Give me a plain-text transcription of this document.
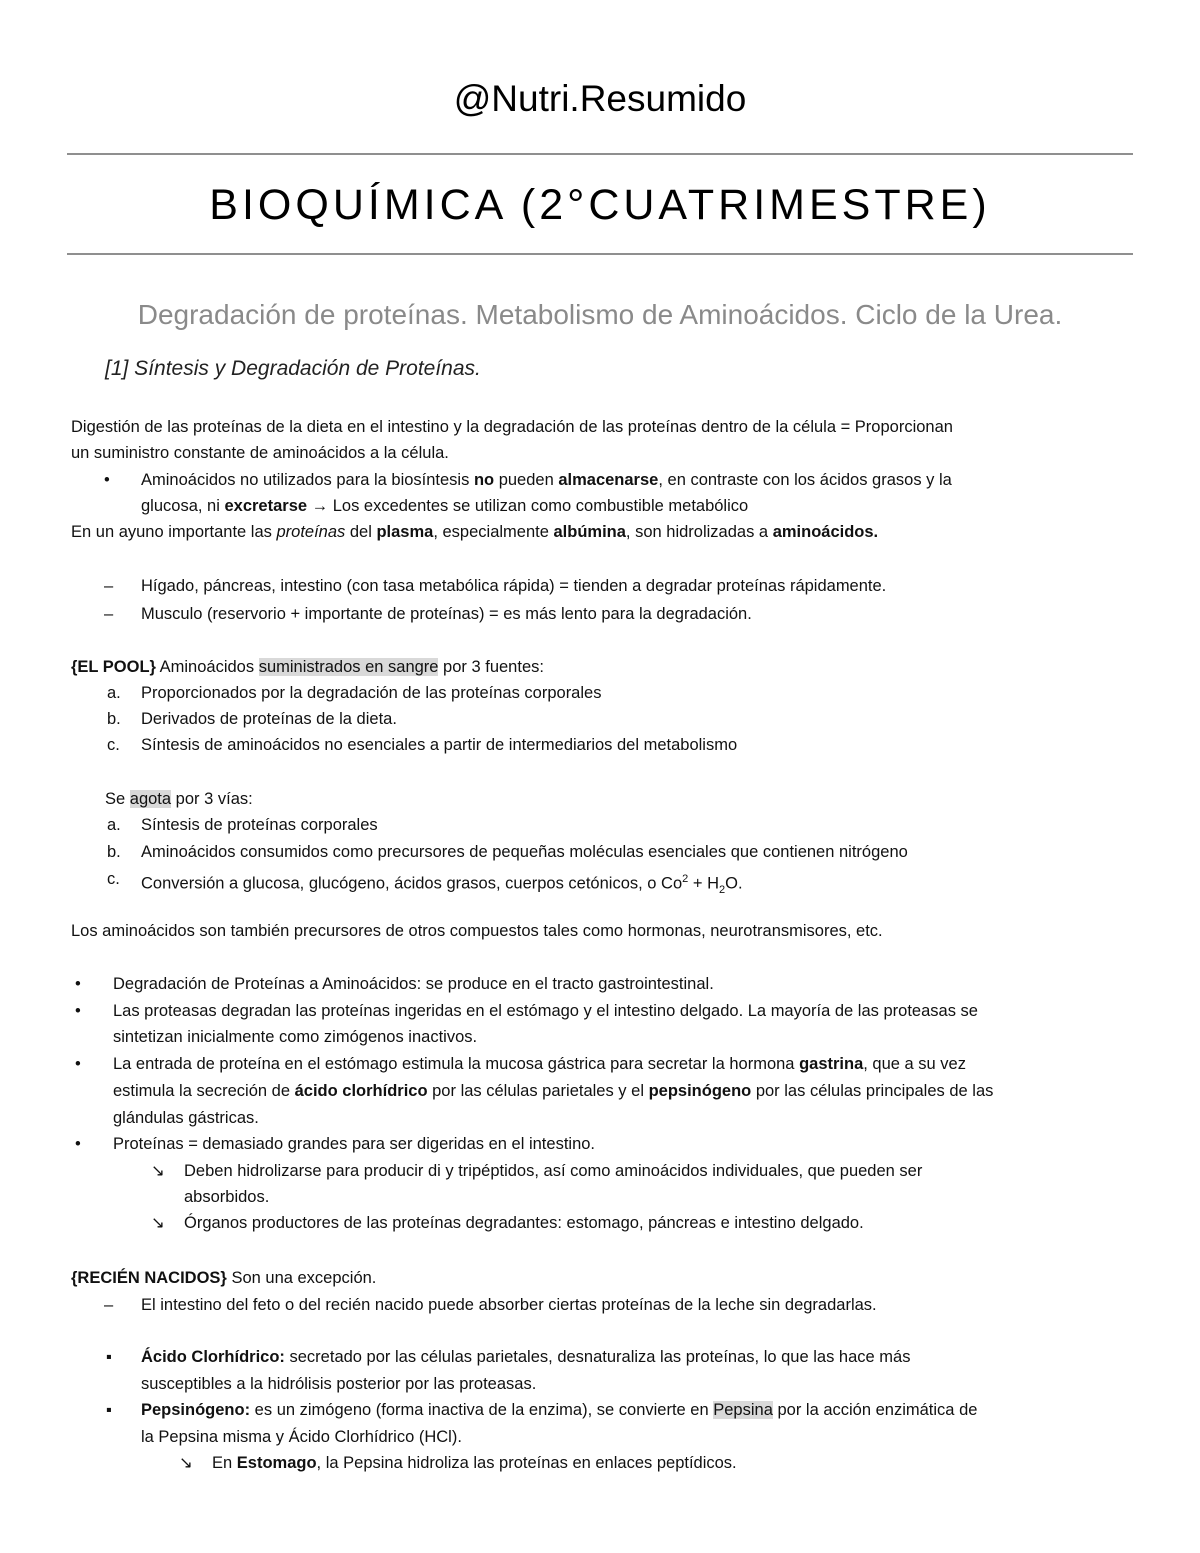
@Nutri.Resumido
BIOQUÍMICA (2°CUATRIMESTRE)
Degradación de proteínas. Metabolismo de Aminoácidos. Ciclo de la Urea.
[1] Síntesis y Degradación de Proteínas.
Digestión de las proteínas de la dieta en el intestino y la degradación de las proteínas dentro de la célula = Proporcionan
un suministro constante de aminoácidos a la célula.
• Aminoácidos no utilizados para la biosíntesis no pueden almacenarse, en contraste con los ácidos grasos y la
glucosa, ni excretarse → Los excedentes se utilizan como combustible metabólico
En un ayuno importante las proteínas del plasma, especialmente albúmina, son hidrolizadas a aminoácidos.
– Hígado, páncreas, intestino (con tasa metabólica rápida) = tienden a degradar proteínas rápidamente.
– Musculo (reservorio + importante de proteínas) = es más lento para la degradación.
{EL POOL} Aminoácidos suministrados en sangre por 3 fuentes:
a. Proporcionados por la degradación de las proteínas corporales
b. Derivados de proteínas de la dieta.
c. Síntesis de aminoácidos no esenciales a partir de intermediarios del metabolismo
Se agota por 3 vías:
a. Síntesis de proteínas corporales
b. Aminoácidos consumidos como precursores de pequeñas moléculas esenciales que contienen nitrógeno
c. Conversión a glucosa, glucógeno, ácidos grasos, cuerpos cetónicos, o $Co^2 + H_2O$.
Los aminoácidos son también precursores de otros compuestos tales como hormonas, neurotransmisores, etc.
• Degradación de Proteínas a Aminoácidos: se produce en el tracto gastrointestinal.
• Las proteasas degradan las proteínas ingeridas en el estómago y el intestino delgado. La mayoría de las proteasas se
sintetizan inicialmente como zimógenos inactivos.
• La entrada de proteína en el estómago estimula la mucosa gástrica para secretar la hormona gastrina, que a su vez
estimula la secreción de ácido clorhídrico por las células parietales y el pepsinógeno por las células principales de las
glándulas gástricas.
• Proteínas = demasiado grandes para ser digeridas en el intestino.
↘ Deben hidrolizarse para producir di y tripéptidos, así como aminoácidos individuales, que pueden ser
absorbidos.
↘ Órganos productores de las proteínas degradantes: estomago, páncreas e intestino delgado.
{RECIÉN NACIDOS} Son una excepción.
– El intestino del feto o del recién nacido puede absorber ciertas proteínas de la leche sin degradarlas.
▪ Ácido Clorhídrico: secretado por las células parietales, desnaturaliza las proteínas, lo que las hace más
susceptibles a la hidrólisis posterior por las proteasas.
▪ Pepsinógeno: es un zimógeno (forma inactiva de la enzima), se convierte en Pepsina por la acción enzimática de
la Pepsina misma y Ácido Clorhídrico (HCl).
↘ En Estomago, la Pepsina hidroliza las proteínas en enlaces peptídicos.
